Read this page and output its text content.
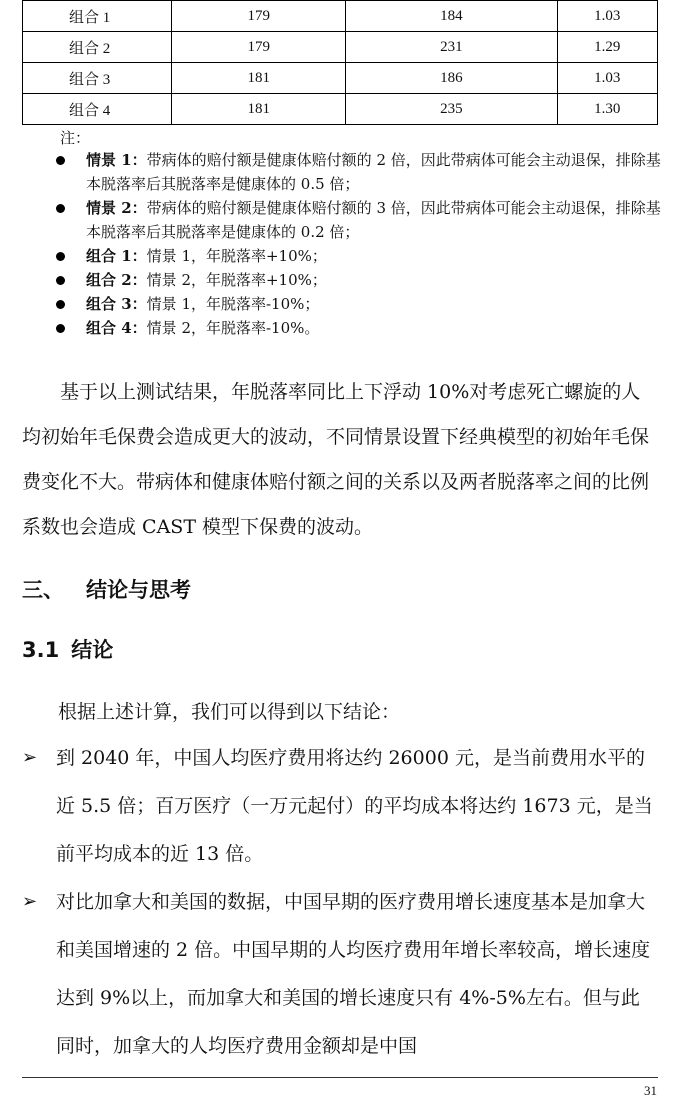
组合 1	179	184	1.03
组合 2	179	231	1.29
组合 3	181	186	1.03
组合 4	181	235	1.30
注：
情景 1：带病体的赔付额是健康体赔付额的 2 倍，因此带病体可能会主动退保，排除基本脱落率后其脱落率是健康体的 0.5 倍；
情景 2：带病体的赔付额是健康体赔付额的 3 倍，因此带病体可能会主动退保，排除基本脱落率后其脱落率是健康体的 0.2 倍；
组合 1：情景 1，年脱落率+10%；
组合 2：情景 2，年脱落率+10%；
组合 3：情景 1，年脱落率-10%；
组合 4：情景 2，年脱落率-10%。
基于以上测试结果，年脱落率同比上下浮动 10%对考虑死亡螺旋的人均初始年毛保费会造成更大的波动，不同情景设置下经典模型的初始年毛保费变化不大。带病体和健康体赔付额之间的关系以及两者脱落率之间的比例系数也会造成 CAST 模型下保费的波动。
三、 结论与思考
3.1 结论
根据上述计算，我们可以得到以下结论：
➢ 到 2040 年，中国人均医疗费用将达约 26000 元，是当前费用水平的近 5.5 倍；百万医疗（一万元起付）的平均成本将达约 1673 元，是当前平均成本的近 13 倍。
➢ 对比加拿大和美国的数据，中国早期的医疗费用增长速度基本是加拿大和美国增速的 2 倍。中国早期的人均医疗费用年增长率较高，增长速度达到 9%以上，而加拿大和美国的增长速度只有 4%-5%左右。但与此同时，加拿大的人均医疗费用金额却是中国
31
